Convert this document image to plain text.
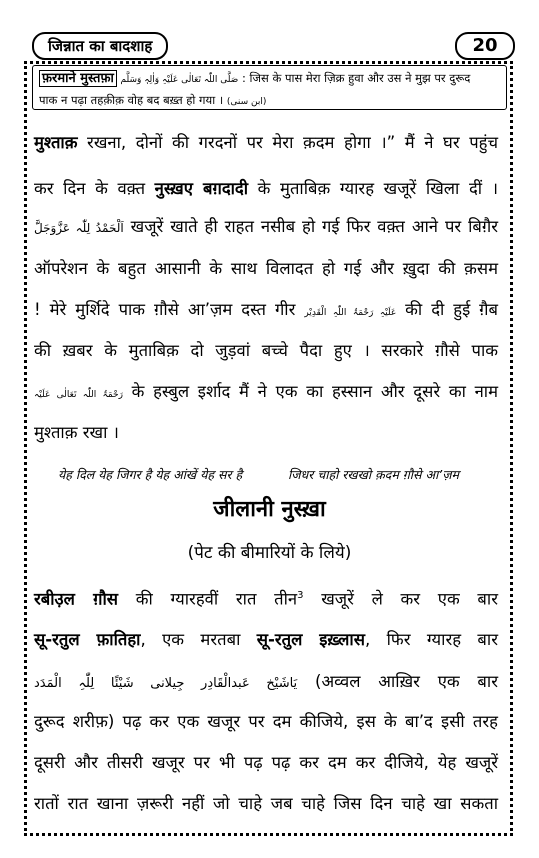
जिन्नात का बादशाह	20
फ़रमाने मुस्तफ़ा صَلَّی اللّٰہ تَعَالٰی عَلَیْہِ وَاٰلِہٖ وَسَلَّم : जिस के पास मेरा ज़िक्र हुवा और उस ने मुझ पर दुरूद
पाक न पढ़ा तहक़ीक़ वोह बद बख़्त हो गया । (ابن سنی)
मुश्ताक़ रखना, दोनों की गरदनों पर मेरा क़दम होगा ।” मैं ने घर पहुंच
कर दिन के वक़्त नुस्ख़ए बग़दादी के मुताबिक़ ग्यारह खजूरें खिला दीं ।
اَلْحَمْدُ لِلّٰہ عَزَّوَجَلَّ खजूरें खाते ही राहत नसीब हो गई फिर वक़्त आने पर बिग़ैर
ऑपरेशन के बहुत आसानी के साथ विलादत हो गई और ख़ुदा की क़सम
! मेरे मुर्शिदे पाक ग़ौसे आ’ज़म दस्त गीर عَلَیْہِ رَحْمَۃُ اللّٰہِ الْقَدِیْر की दी हुई ग़ैब
की ख़बर के मुताबिक़ दो जुड़वां बच्चे पैदा हुए । सरकारे ग़ौसे पाक
رَحْمَۃُ اللّٰہ تَعَالٰی عَلَیْہ के हस्बुल इर्शाद मैं ने एक का हस्सान और दूसरे का नाम
मुश्ताक़ रखा ।
येह दिल येह जिगर है येह आंखें येह सर है	जिधर चाहो रखखो क़दम ग़ौसे आ’ज़म
जीलानी नुस्ख़ा
(पेट की बीमारियों के लिये)
रबीउ़ल ग़ौस की ग्यारहवीं रात तीन$^3$ खजूरें ले कर एक बार
सू-रतुल फ़ातिहा, एक मरतबा सू-रतुल इख़्लास, फिर ग्यारह बार
یَاشَیْخ عَبدالْقَادِر جِیلانی شَیْئًا لِلّٰہِ الْمَدَد (अव्वल आख़िर एक बार
दुरूद शरीफ़) पढ़ कर एक खजूर पर दम कीजिये, इस के बा’द इसी तरह
दूसरी और तीसरी खजूर पर भी पढ़ पढ़ कर दम कर दीजिये, येह खजूरें
रातों रात खाना ज़रूरी नहीं जो चाहे जब चाहे जिस दिन चाहे खा सकता
